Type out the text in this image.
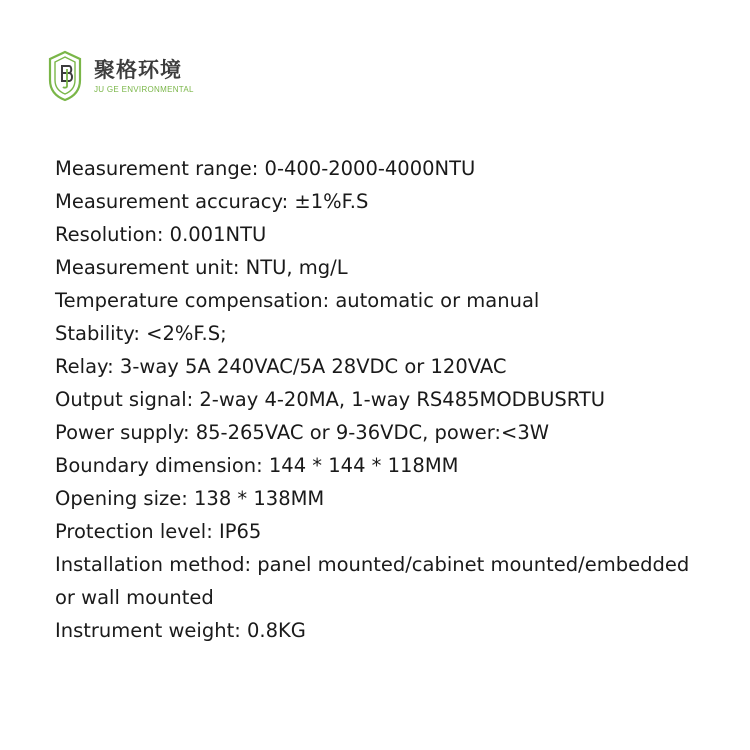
聚格环境
JU GE ENVIRONMENTAL
Measurement range: 0-400-2000-4000NTU
Measurement accuracy: ±1%F.S
Resolution: 0.001NTU
Measurement unit: NTU, mg/L
Temperature compensation: automatic or manual
Stability: <2%F.S;
Relay: 3-way 5A 240VAC/5A 28VDC or 120VAC
Output signal: 2-way 4-20MA, 1-way RS485MODBUSRTU
Power supply: 85-265VAC or 9-36VDC, power:<3W
Boundary dimension: 144 * 144 * 118MM
Opening size: 138 * 138MM
Protection level: IP65
Installation method: panel mounted/cabinet mounted/embedded or wall mounted
Instrument weight: 0.8KG
